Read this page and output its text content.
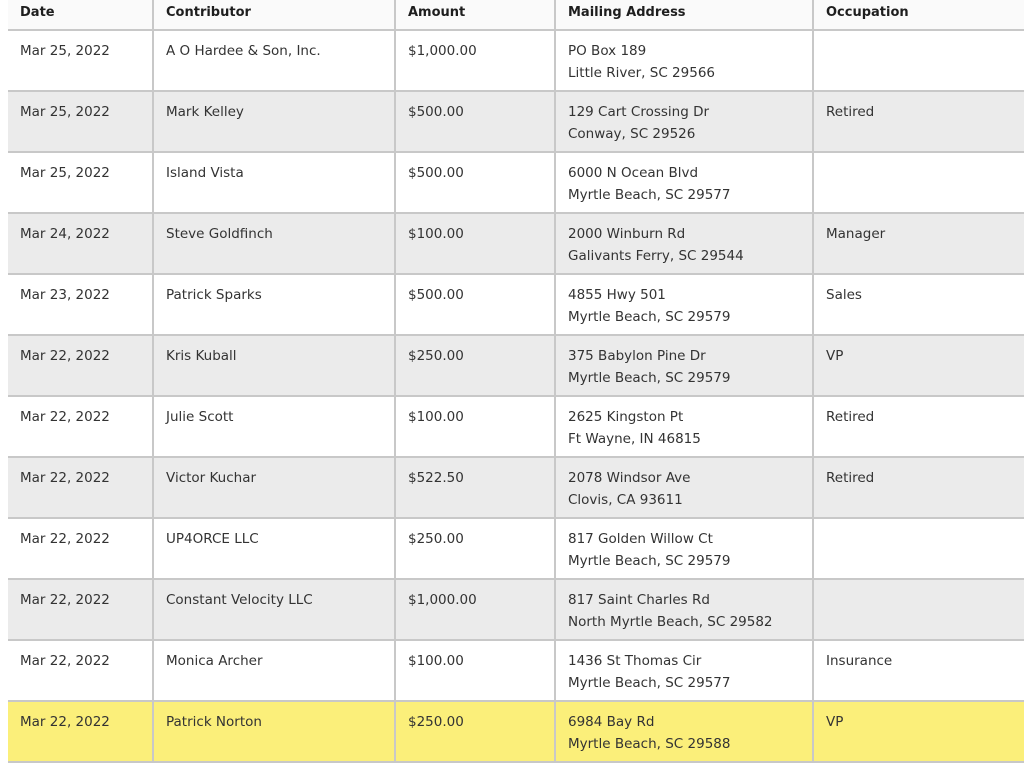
Date	Contributor	Amount	Mailing Address	Occupation
Mar 25, 2022	A O Hardee & Son, Inc.	$1,000.00	PO Box 189
Little River, SC 29566	

Mar 25, 2022	Mark Kelley	$500.00	129 Cart Crossing Dr
Conway, SC 29526	Retired
Mar 25, 2022	Island Vista	$500.00	6000 N Ocean Blvd
Myrtle Beach, SC 29577	

Mar 24, 2022	Steve Goldfinch	$100.00	2000 Winburn Rd
Galivants Ferry, SC 29544	Manager
Mar 23, 2022	Patrick Sparks	$500.00	4855 Hwy 501
Myrtle Beach, SC 29579	Sales
Mar 22, 2022	Kris Kuball	$250.00	375 Babylon Pine Dr
Myrtle Beach, SC 29579	VP
Mar 22, 2022	Julie Scott	$100.00	2625 Kingston Pt
Ft Wayne, IN 46815	Retired
Mar 22, 2022	Victor Kuchar	$522.50	2078 Windsor Ave
Clovis, CA 93611	Retired
Mar 22, 2022	UP4ORCE LLC	$250.00	817 Golden Willow Ct
Myrtle Beach, SC 29579	

Mar 22, 2022	Constant Velocity LLC	$1,000.00	817 Saint Charles Rd
North Myrtle Beach, SC 29582	

Mar 22, 2022	Monica Archer	$100.00	1436 St Thomas Cir
Myrtle Beach, SC 29577	Insurance
Mar 22, 2022	Patrick Norton	$250.00	6984 Bay Rd
Myrtle Beach, SC 29588	VP
